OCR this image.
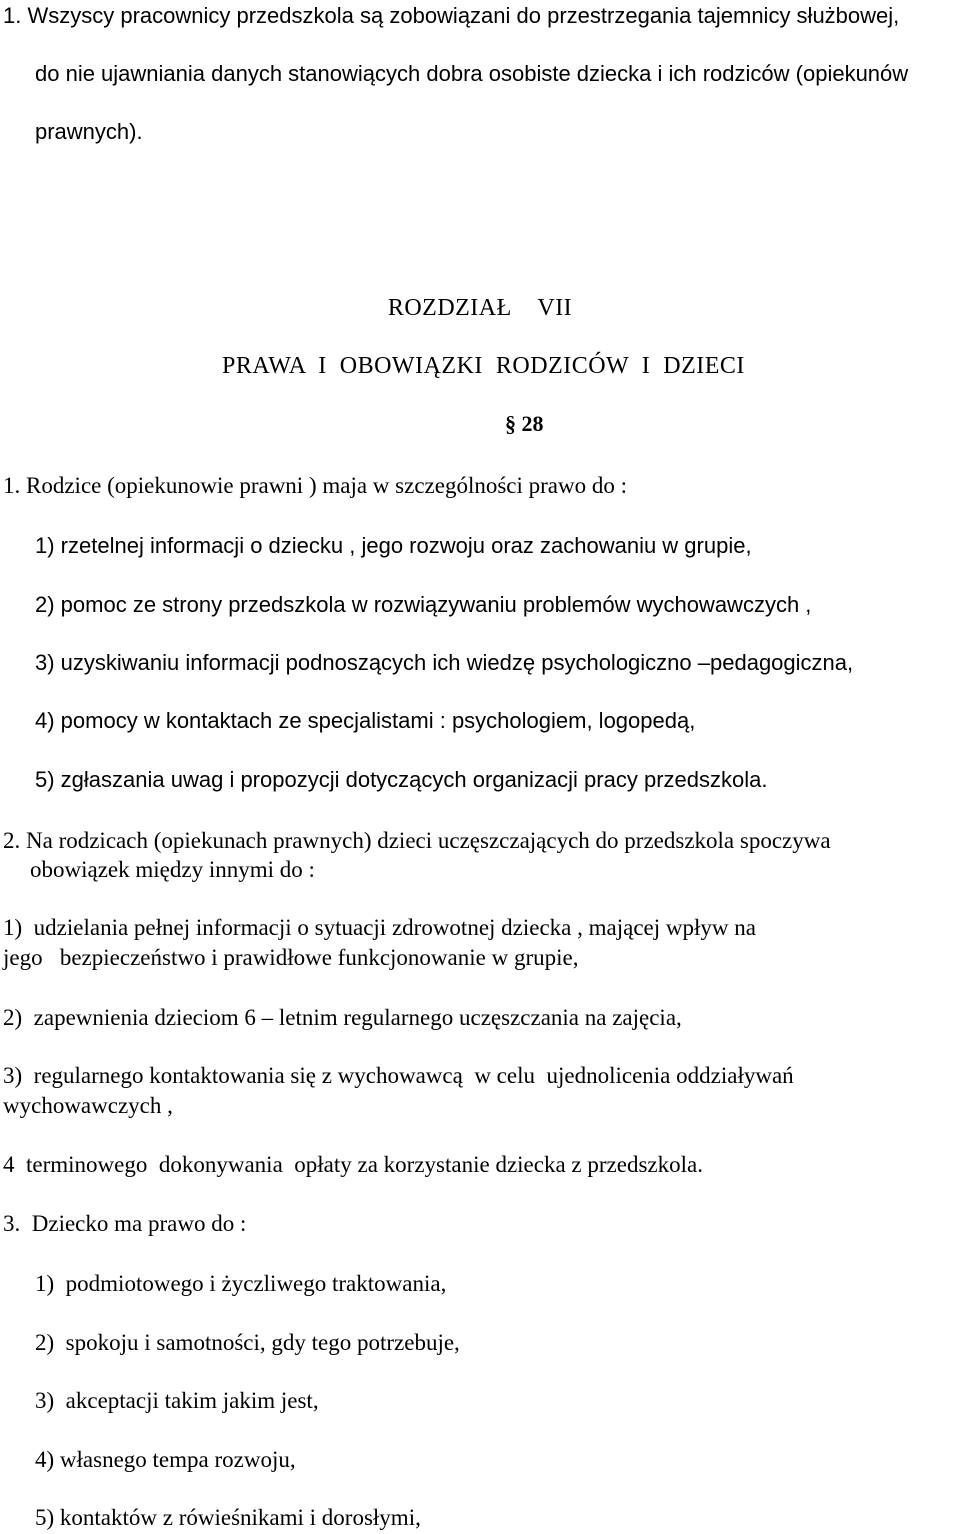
1. Wszyscy pracownicy przedszkola są zobowiązani do przestrzegania tajemnicy służbowej,
do nie ujawniania danych stanowiących dobra osobiste dziecka i ich rodziców (opiekunów
prawnych).
ROZDZIAŁ    VII
PRAWA  I  OBOWIĄZKI  RODZICÓW  I  DZIECI
§ 28
1. Rodzice (opiekunowie prawni ) maja w szczególności prawo do :
1) rzetelnej informacji o dziecku , jego rozwoju oraz zachowaniu w grupie,
2) pomoc ze strony przedszkola w rozwiązywaniu problemów wychowawczych ,
3) uzyskiwaniu informacji podnoszących ich wiedzę psychologiczno –pedagogiczna,
4) pomocy w kontaktach ze specjalistami : psychologiem, logopedą,
5) zgłaszania uwag i propozycji dotyczących organizacji pracy przedszkola.
2. Na rodzicach (opiekunach prawnych) dzieci uczęszczających do przedszkola spoczywa
obowiązek między innymi do :
1)  udzielania pełnej informacji o sytuacji zdrowotnej dziecka , mającej wpływ na
jego   bezpieczeństwo i prawidłowe funkcjonowanie w grupie,
2)  zapewnienia dzieciom 6 – letnim regularnego uczęszczania na zajęcia,
3)  regularnego kontaktowania się z wychowawcą  w celu  ujednolicenia oddziaływań
wychowawczych ,
4  terminowego  dokonywania  opłaty za korzystanie dziecka z przedszkola.
3.  Dziecko ma prawo do :
1)  podmiotowego i życzliwego traktowania,
2)  spokoju i samotności, gdy tego potrzebuje,
3)  akceptacji takim jakim jest,
4) własnego tempa rozwoju,
5) kontaktów z rówieśnikami i dorosłymi,
